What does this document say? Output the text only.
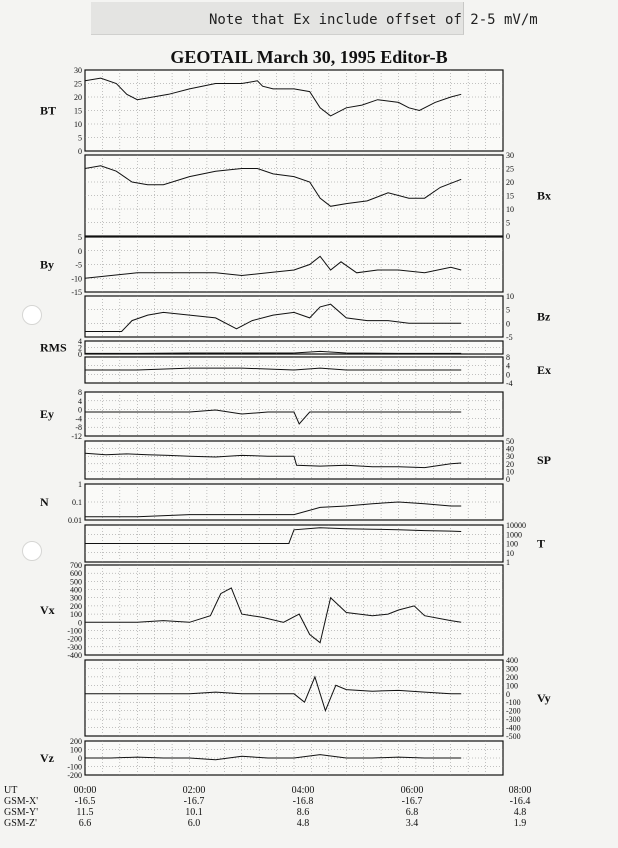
Note that Ex include offset of 2-5 mV/m
GEOTAIL March 30, 1995 Editor-B
30
25
20
15
10
5
0
BT
30
25
20
15
10
5
0
Bx
5
0
-5
-10
-15
By
10
5
0
-5
Bz
4
2
0
RMS
8
4
0
-4
Ex
8
4
0
-4
-8
-12
Ey
50
40
30
20
10
0
SP
1
0.1
0.01
N
10000
1000
100
10
1
T
700
600
500
400
300
200
100
0
-100
-200
-300
-400
Vx
400
300
200
100
0
-100
-200
-300
-400
-500
Vy
200
100
0
-100
-200
Vz
UT
GSM-X'
GSM-Y'
GSM-Z'
00:00
-16.5
11.5
6.6
02:00
-16.7
10.1
6.0
04:00
-16.8
8.6
4.8
06:00
-16.7
6.8
3.4
08:00
-16.4
4.8
1.9
